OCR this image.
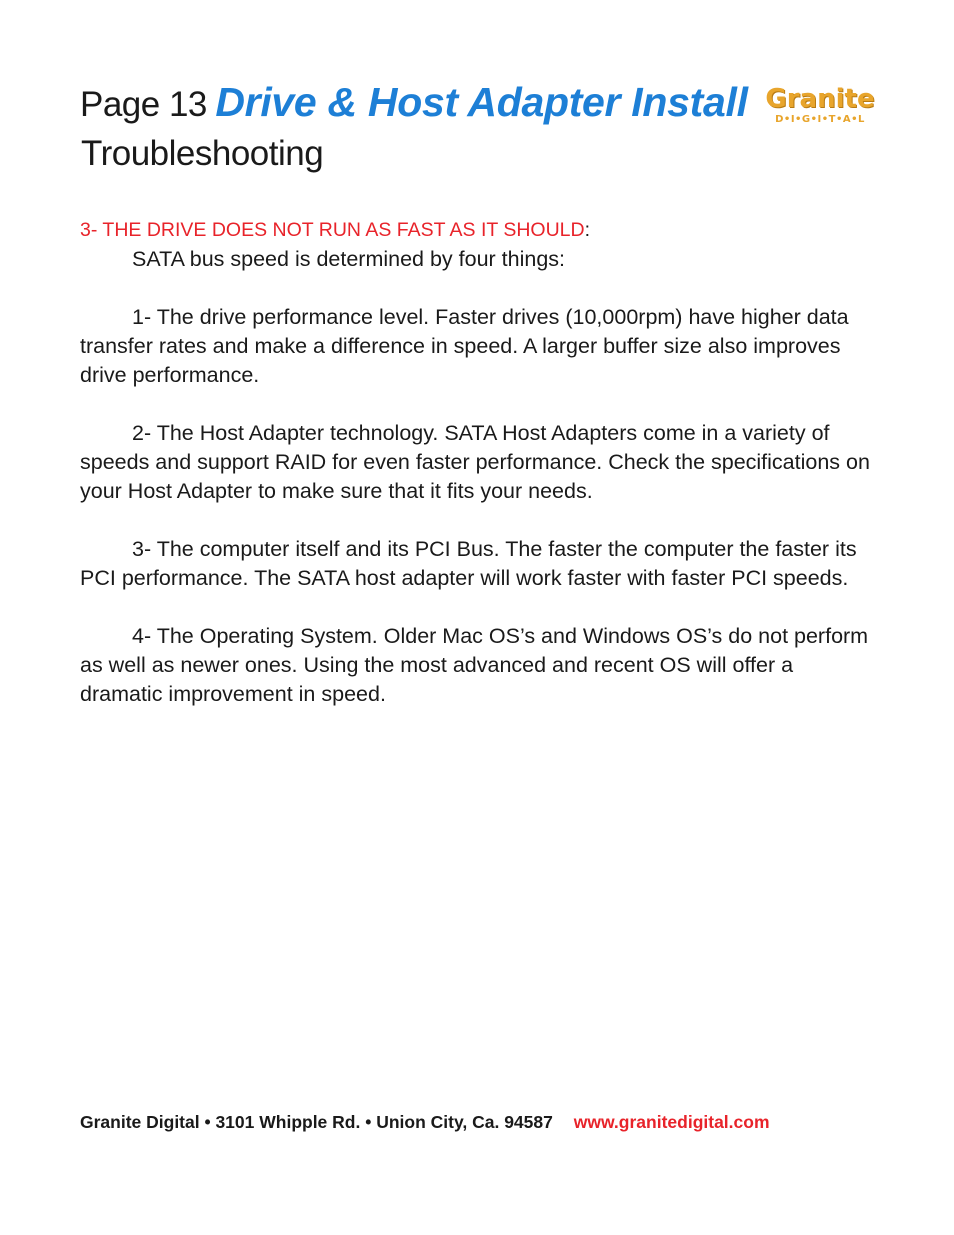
Page 13 Drive & Host Adapter Install
Troubleshooting
Granite
D•I•G•I•T•A•L

3- THE DRIVE DOES NOT RUN AS FAST AS IT SHOULD:

SATA bus speed is determined by four things:

1- The drive performance level. Faster drives (10,000rpm) have higher data transfer rates and make a difference in speed. A larger buffer size also improves drive performance.

2- The Host Adapter technology. SATA Host Adapters come in a variety of speeds and support RAID for even faster performance. Check the specifications on your Host Adapter to make sure that it fits your needs.

3- The computer itself and its PCI Bus. The faster the computer the faster its PCI performance. The SATA host adapter will work faster with faster PCI speeds.

4- The Operating System. Older Mac OS’s and Windows OS’s do not perform as well as newer ones. Using the most advanced and recent OS will offer a dramatic improvement in speed.

Granite Digital • 3101 Whipple Rd. • Union City, Ca. 94587 www.granitedigital.com
